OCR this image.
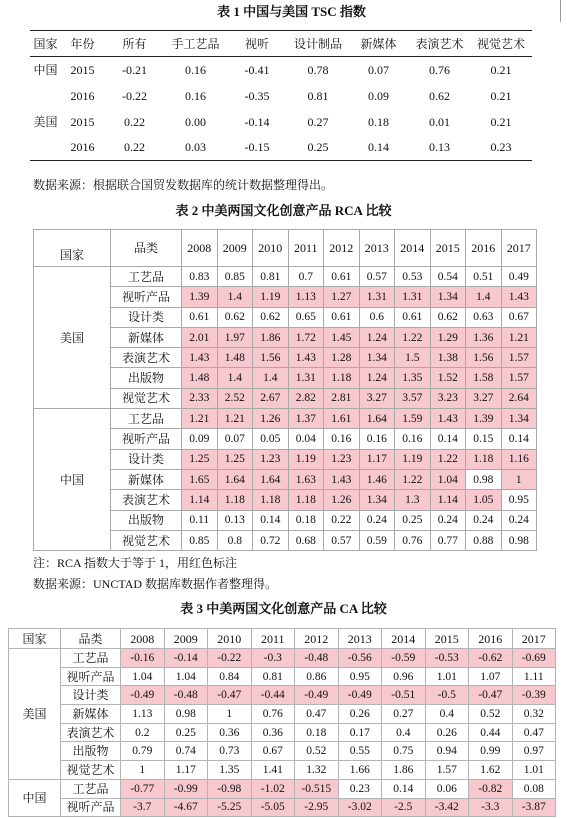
表 1 中国与美国 TSC 指数
国家	年份	所有	手工艺品	视听	设计制品	新媒体	表演艺术	视觉艺术
中国	2015	-0.21	0.16	-0.41	0.78	0.07	0.76	0.21
	2016	-0.22	0.16	-0.35	0.81	0.09	0.62	0.21
美国	2015	0.22	0.00	-0.14	0.27	0.18	0.01	0.21
	2016	0.22	0.03	-0.15	0.25	0.14	0.13	0.23
数据来源：根据联合国贸发数据库的统计数据整理得出。
表 2 中美两国文化创意产品 RCA 比较
国家	品类	2008	2009	2010	2011	2012	2013	2014	2015	2016	2017
美国	工艺品	0.83	0.85	0.81	0.7	0.61	0.57	0.53	0.54	0.51	0.49
	视听产品	1.39	1.4	1.19	1.13	1.27	1.31	1.31	1.34	1.4	1.43
	设计类	0.61	0.62	0.62	0.65	0.61	0.6	0.61	0.62	0.63	0.67
	新媒体	2.01	1.97	1.86	1.72	1.45	1.24	1.22	1.29	1.36	1.21
	表演艺术	1.43	1.48	1.56	1.43	1.28	1.34	1.5	1.38	1.56	1.57
	出版物	1.48	1.4	1.4	1.31	1.18	1.24	1.35	1.52	1.58	1.57
	视觉艺术	2.33	2.52	2.67	2.82	2.81	3.27	3.57	3.23	3.27	2.64
中国	工艺品	1.21	1.21	1.26	1.37	1.61	1.64	1.59	1.43	1.39	1.34
	视听产品	0.09	0.07	0.05	0.04	0.16	0.16	0.16	0.14	0.15	0.14
	设计类	1.25	1.25	1.23	1.19	1.23	1.17	1.19	1.22	1.18	1.16
	新媒体	1.65	1.64	1.64	1.63	1.43	1.46	1.22	1.04	0.98	1
	表演艺术	1.14	1.18	1.18	1.18	1.26	1.34	1.3	1.14	1.05	0.95
	出版物	0.11	0.13	0.14	0.18	0.22	0.24	0.25	0.24	0.24	0.24
	视觉艺术	0.85	0.8	0.72	0.68	0.57	0.59	0.76	0.77	0.88	0.98
注：RCA 指数大于等于 1，用红色标注
数据来源：UNCTAD 数据库数据作者整理得。
表 3 中美两国文化创意产品 CA 比较
国家	品类	2008	2009	2010	2011	2012	2013	2014	2015	2016	2017
美国	工艺品	-0.16	-0.14	-0.22	-0.3	-0.48	-0.56	-0.59	-0.53	-0.62	-0.69
	视听产品	1.04	1.04	0.84	0.81	0.86	0.95	0.96	1.01	1.07	1.11
	设计类	-0.49	-0.48	-0.47	-0.44	-0.49	-0.49	-0.51	-0.5	-0.47	-0.39
	新媒体	1.13	0.98	1	0.76	0.47	0.26	0.27	0.4	0.52	0.32
	表演艺术	0.2	0.25	0.36	0.36	0.18	0.17	0.4	0.26	0.44	0.47
	出版物	0.79	0.74	0.73	0.67	0.52	0.55	0.75	0.94	0.99	0.97
	视觉艺术	1	1.17	1.35	1.41	1.32	1.66	1.86	1.57	1.62	1.01
中国	工艺品	-0.77	-0.99	-0.98	-1.02	-0.515	0.23	0.14	0.06	-0.82	0.08
	视听产品	-3.7	-4.67	-5.25	-5.05	-2.95	-3.02	-2.5	-3.42	-3.3	-3.87
